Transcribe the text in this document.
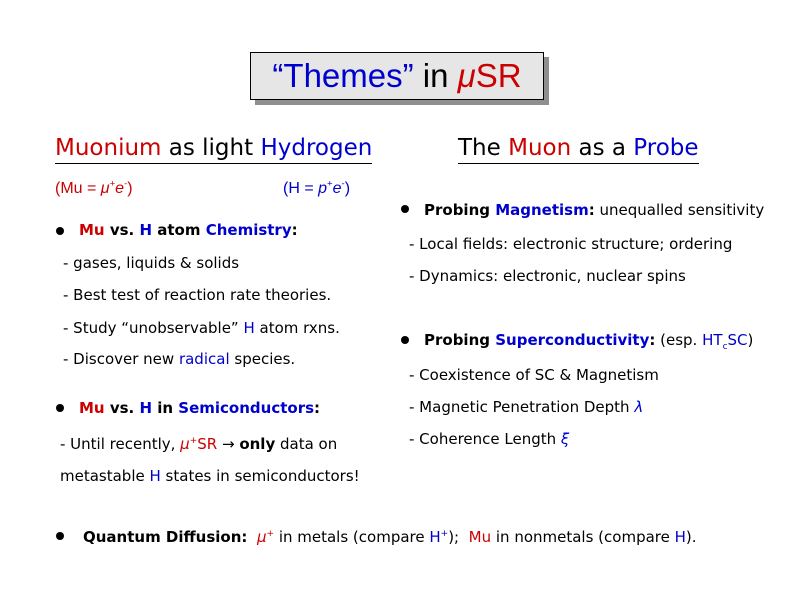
“Themes” in μSR
Muonium as light Hydrogen	The Muon as a Probe
(Mu = μ+e-)	(H = p+e-)
Mu vs. H atom Chemistry:
- gases, liquids & solids
- Best test of reaction rate theories.
- Study “unobservable” H atom rxns.
- Discover new radical species.
Mu vs. H in Semiconductors:
- Until recently, μ+SR → only data on
metastable H states in semiconductors!
Probing Magnetism: unequalled sensitivity
- Local fields: electronic structure; ordering
- Dynamics: electronic, nuclear spins
Probing Superconductivity: (esp. $HT_cSC$)
- Coexistence of SC & Magnetism
- Magnetic Penetration Depth λ
- Coherence Length ξ
Quantum Diffusion: μ+ in metals (compare H+); Mu in nonmetals (compare H).
